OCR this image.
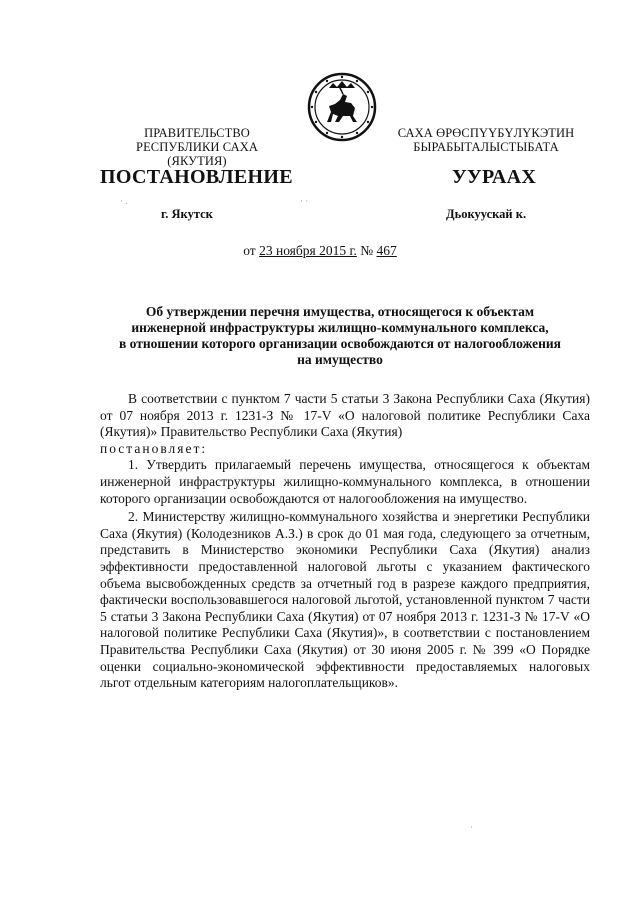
ПРАВИТЕЛЬСТВО
РЕСПУБЛИКИ САХА (ЯКУТИЯ)
САХА ӨРӨСПҮҮБҮЛҮКЭТИН
БЫРАБЫТАЛЫСТЫБАТА
ПОСТАНОВЛЕНИЕ	УУРААХ
· .	· ·
г. Якутск	Дьокуускай к.
от 23 ноября 2015 г. № 467
Об утверждении перечня имущества, относящегося к объектам
инженерной инфраструктуры жилищно-коммунального комплекса,
в отношении которого организации освобождаются от налогообложения
на имущество

В соответствии с пунктом 7 части 5 статьи 3 Закона Республики Саха (Якутия) от 07 ноября 2013 г. 1231-З № 17-V «О налоговой политике Республики Саха (Якутия)» Правительство Республики Саха (Якутия)
постановляет:

1. Утвердить прилагаемый перечень имущества, относящегося к объектам инженерной инфраструктуры жилищно-коммунального комплекса, в отношении которого организации освобождаются от налогообложения на имущество.

2. Министерству жилищно-коммунального хозяйства и энергетики Республики Саха (Якутия) (Колодезников А.З.) в срок до 01 мая года, следующего за отчетным, представить в Министерство экономики Республики Саха (Якутия) анализ эффективности предоставленной налоговой льготы с указанием фактического объема высвобожденных средств за отчетный год в разрезе каждого предприятия, фактически воспользовавшегося налоговой льготой, установленной пунктом 7 части 5 статьи 3 Закона Республики Саха (Якутия) от 07 ноября 2013 г. 1231-З № 17-V «О налоговой политике Республики Саха (Якутия)», в соответствии с постановлением Правительства Республики Саха (Якутия) от 30 июня 2005 г. № 399 «О Порядке оценки социально-экономической эффективности предоставляемых налоговых льгот отдельным категориям налогоплательщиков».

·
